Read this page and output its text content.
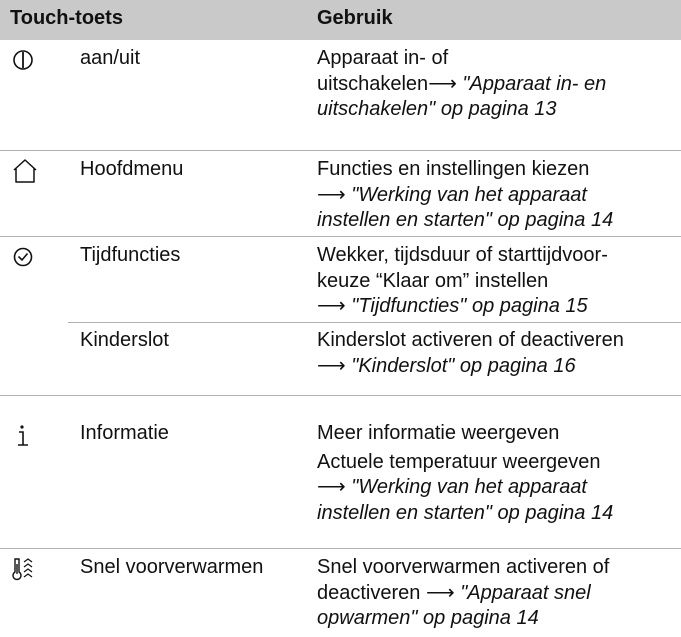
Touch-toets	Gebruik
aan/uit	Apparaat in- of

uitschakelen⟶ "Apparaat in- en

uitschakelen" op pagina 13

Hoofdmenu	Functies en instellingen kiezen

⟶ "Werking van het apparaat

instellen en starten" op pagina 14

Tijdfuncties	Wekker, tijdsduur of starttijdvoor-

keuze “Klaar om” instellen

⟶ "Tijdfuncties" op pagina 15

Kinderslot	Kinderslot activeren of deactiveren

⟶ "Kinderslot" op pagina 16

Informatie	Meer informatie weergeven

Actuele temperatuur weergeven

⟶ "Werking van het apparaat

instellen en starten" op pagina 14

Snel voorverwarmen	Snel voorverwarmen activeren of

deactiveren ⟶ "Apparaat snel

opwarmen" op pagina 14
